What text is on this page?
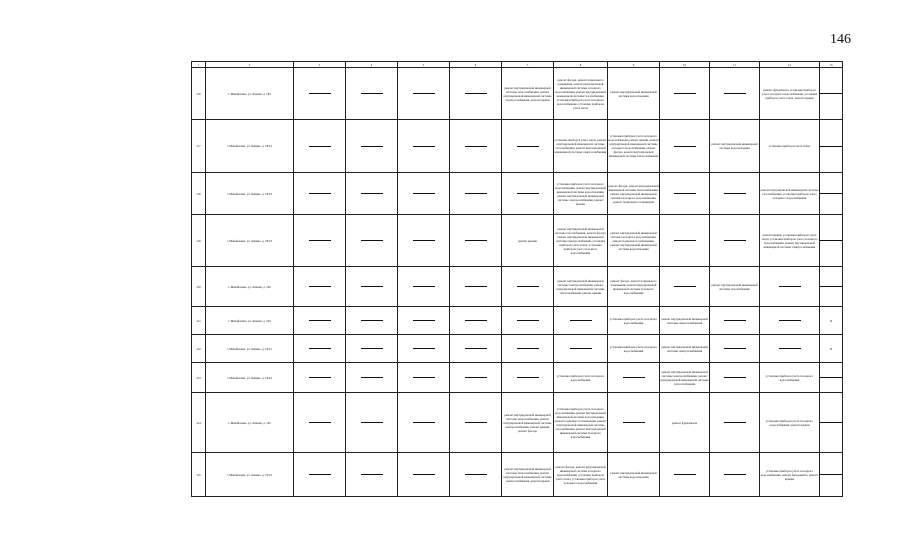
146
1	2	3	4	5	6	7	8	9	10	11	12	13
116	г. Михайловка, ул. Ленина, д. 183					ремонт внутридомовой инженерной системы теплоснабжения, ремонт внутридомовой инженерной системы электроснабжения, ремонт крыши	ремонт фасада, ремонт подвального помещения, ремонт внутридомовой инженерной системы холодного водоснабжения, ремонт внутридомовой инженерной системы газоснабжения, установка приборов учета холодного водоснабжения, установка приборов учета тепла	ремонт внутридомовой инженерной системы водоотведения			ремонт фундамента, установка приборов учета холодного водоснабжения, установка приборов учета тепла, ремонт крыши	
117	г. Михайловка, ул. Ленина, д. 183/2						установка приборов учета тепла, ремонт внутридомовой инженерной системы газоснабжения, ремонт внутридомовой инженерной системы электроснабжения	установка приборов учета холодного водоснабжения, ремонт крыши, ремонт внутридомовой инженерной системы холодного водоснабжения, ремонт фасада, ремонт внутридомовой инженерной системы теплоснабжения		ремонт внутридомовой инженерной системы водоотведения	установка приборов учета тепла	
118	г. Михайловка, ул. Ленина, д. 183/3						установка приборов учета холодного водоснабжения, ремонт внутридомовой инженерной системы водоотведения, ремонт внутридомовой инженерной системы электроснабжения, ремонт крыши	ремонт фасада, ремонт внутридомовой инженерной системы теплоснабжения, ремонт внутридомовой инженерной системы холодного водоснабжения, ремонт подвального помещения			ремонт внутридомовой инженерной системы газоснабжения, установка приборов учета холодного водоснабжения	
119	г. Михайловка, ул. Ленина, д. 183/4					ремонт крыши	ремонт внутридомовой инженерной системы газоснабжения, ремонт фасада, ремонт внутридомовой инженерной системы электроснабжения, установка приборов учета тепла, установка приборов учета холодного водоснабжения	ремонт внутридомовой инженерной системы холодного водоснабжения, ремонт подвального помещения, ремонт внутридомовой инженерной системы водоотведения			ремонт крыши, установка приборов учета тепла, установка приборов учета холодного водоснабжения, ремонт внутридомовой инженерной системы электроснабжения	
120	г. Михайловка, ул. Ленина, д. 192						ремонт внутридомовой инженерной системы электроснабжения, ремонт внутридомовой инженерной системы теплоснабжения, ремонт крыши	ремонт фасада, ремонт подвального помещения, ремонт внутридомовой инженерной системы холодного водоснабжения		ремонт внутридомовой инженерной системы газоснабжения		
121	г. Михайловка, ул. Ленина, д. 194							установка приборов учета холодного водоснабжения	ремонт внутридомовой инженерной системы электроснабжения			8
122	г. Михайловка, ул. Ленина, д. 194/1							установка приборов учета холодного водоснабжения	ремонт внутридомовой инженерной системы электроснабжения			8
123	г. Михайловка, ул. Ленина, д. 194/2						установка приборов учета холодного водоснабжения		ремонт внутридомовой инженерной системы электроснабжения, ремонт внутридомовой инженерной системы теплоснабжения		установка приборов учета холодного водоснабжения	
124	г. Михайловка, ул. Ленина, д. 195					ремонт внутридомовой инженерной системы теплоснабжения, ремонт внутридомовой инженерной системы электроснабжения, ремонт крыши, ремонт фасада	установка приборов учета холодного водоснабжения, ремонт внутридомовой инженерной системы водоотведения, ремонт подвального помещения, ремонт внутридомовой инженерной системы газоснабжения, ремонт внутридомовой инженерной системы холодного водоснабжения		ремонт фундамента		установка приборов учета холодного водоснабжения, ремонт крыши	
125	г. Михайловка, ул. Ленина, д. 195/2					ремонт внутридомовой инженерной системы теплоснабжения, ремонт внутридомовой инженерной системы электроснабжения, ремонт крыши	ремонт фасада, ремонт внутридомовой инженерной системы холодного водоснабжения, установка приборов учета тепла, установка приборов учета холодного водоснабжения	ремонт внутридомовой инженерной системы водоотведения			установка приборов учета холодного водоснабжения, ремонт фундамента, ремонт крыши	
